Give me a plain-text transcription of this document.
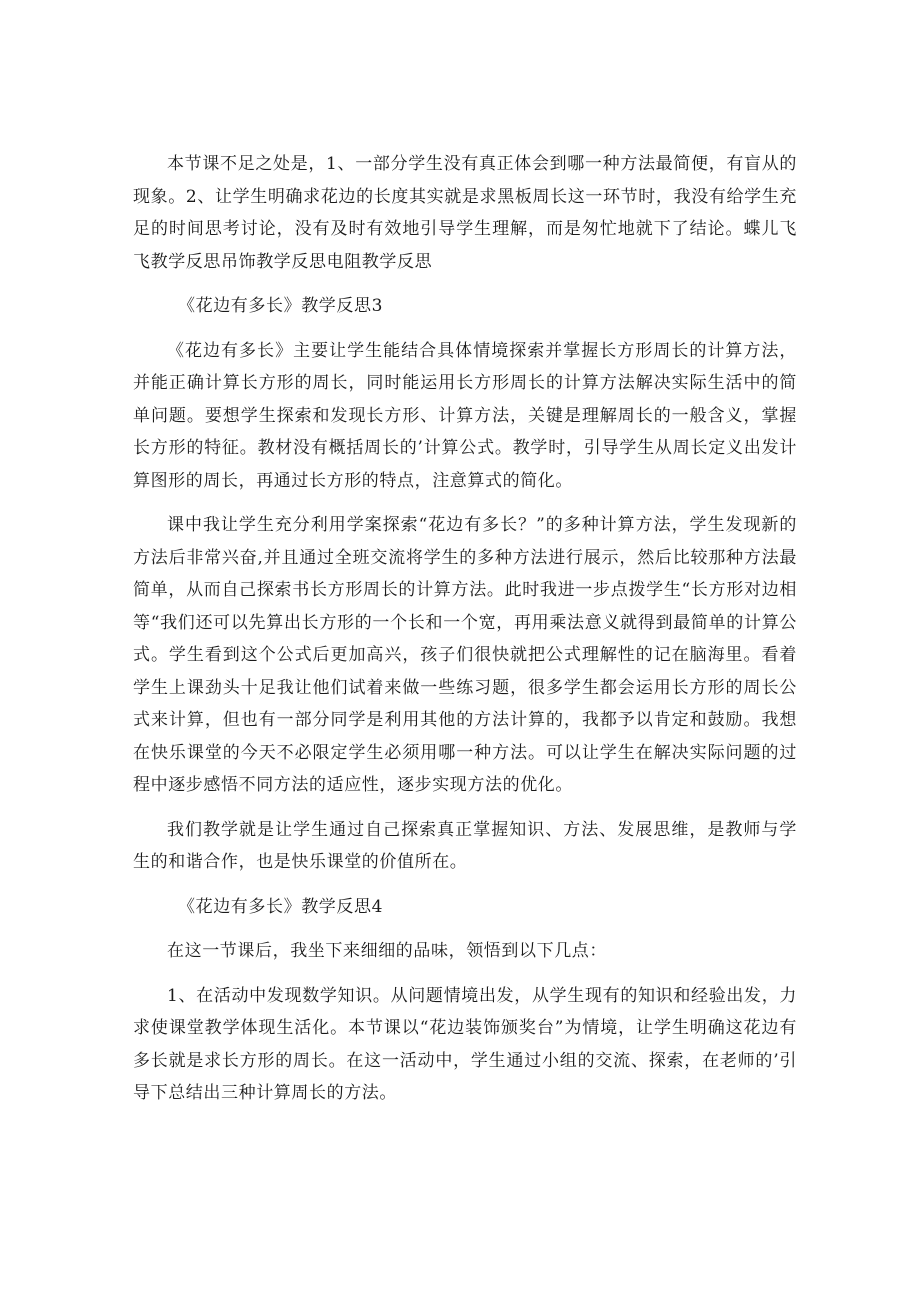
本节课不足之处是，1、一部分学生没有真正体会到哪一种方法最简便，有盲从的现象。2、让学生明确求花边的长度其实就是求黑板周长这一环节时，我没有给学生充足的时间思考讨论，没有及时有效地引导学生理解，而是匆忙地就下了结论。蝶儿飞飞教学反思吊饰教学反思电阻教学反思

《花边有多长》教学反思3

《花边有多长》主要让学生能结合具体情境探索并掌握长方形周长的计算方法，并能正确计算长方形的周长，同时能运用长方形周长的计算方法解决实际生活中的简单问题。要想学生探索和发现长方形、计算方法，关键是理解周长的一般含义，掌握长方形的特征。教材没有概括周长的’计算公式。教学时，引导学生从周长定义出发计算图形的周长，再通过长方形的特点，注意算式的简化。

课中我让学生充分利用学案探索“花边有多长？”的多种计算方法，学生发现新的方法后非常兴奋,并且通过全班交流将学生的多种方法进行展示，然后比较那种方法最简单，从而自己探索书长方形周长的计算方法。此时我进一步点拨学生“长方形对边相等“我们还可以先算出长方形的一个长和一个宽，再用乘法意义就得到最简单的计算公式。学生看到这个公式后更加高兴，孩子们很快就把公式理解性的记在脑海里。看着学生上课劲头十足我让他们试着来做一些练习题，很多学生都会运用长方形的周长公式来计算，但也有一部分同学是利用其他的方法计算的，我都予以肯定和鼓励。我想在快乐课堂的今天不必限定学生必须用哪一种方法。可以让学生在解决实际问题的过程中逐步感悟不同方法的适应性，逐步实现方法的优化。

我们教学就是让学生通过自己探索真正掌握知识、方法、发展思维，是教师与学生的和谐合作，也是快乐课堂的价值所在。

《花边有多长》教学反思4

在这一节课后，我坐下来细细的品味，领悟到以下几点：

1、在活动中发现数学知识。从问题情境出发，从学生现有的知识和经验出发，力求使课堂教学体现生活化。本节课以“花边装饰颁奖台”为情境，让学生明确这花边有多长就是求长方形的周长。在这一活动中，学生通过小组的交流、探索，在老师的’引导下总结出三种计算周长的方法。
